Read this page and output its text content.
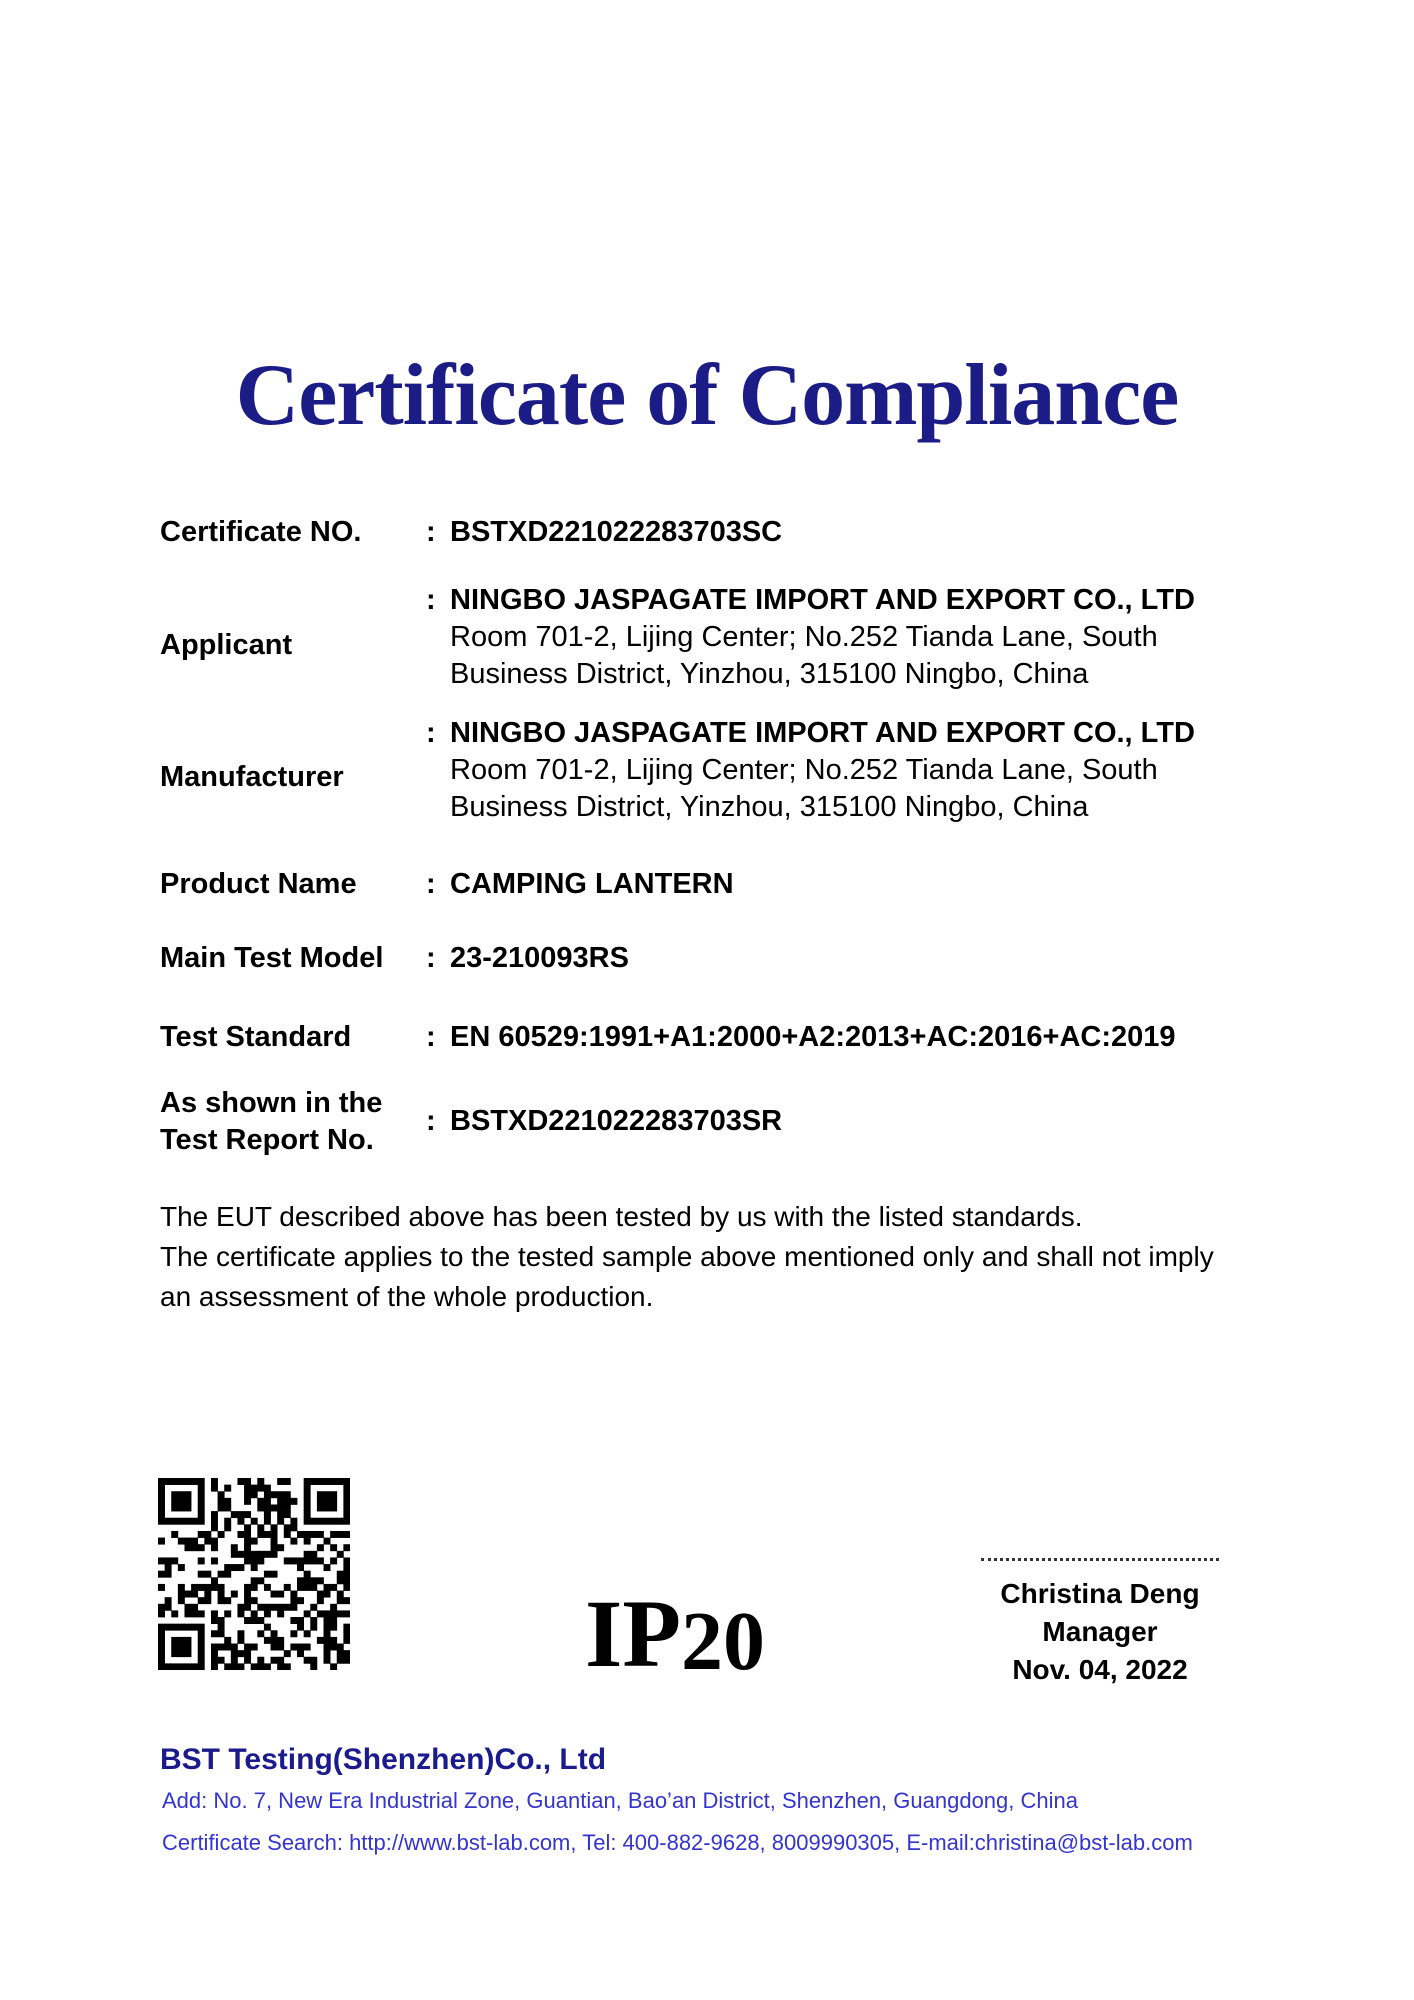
Certificate of Compliance
Certificate NO. : BSTXD221022283703SC
Applicant
: NINGBO JASPAGATE IMPORT AND EXPORT CO., LTD
Room 701-2, Lijing Center; No.252 Tianda Lane, South
Business District, Yinzhou, 315100 Ningbo, China
Manufacturer
: NINGBO JASPAGATE IMPORT AND EXPORT CO., LTD
Room 701-2, Lijing Center; No.252 Tianda Lane, South
Business District, Yinzhou, 315100 Ningbo, China
Product Name : CAMPING LANTERN
Main Test Model : 23-210093RS
Test Standard	: EN 60529:1991+A1:2000+A2:2013+AC:2016+AC:2019
As shown in the
Test Report No.
: BSTXD221022283703SR
The EUT described above has been tested by us with the listed standards.
The certificate applies to the tested sample above mentioned only and shall not imply
an assessment of the whole production.
IP 20
Christina Deng
Manager
Nov. 04, 2022
BST Testing(Shenzhen)Co., Ltd
Add: No. 7, New Era Industrial Zone, Guantian, Bao’an District, Shenzhen, Guangdong, China
Certificate Search: http://www.bst-lab.com, Tel: 400-882-9628, 8009990305, E-mail:christina@bst-lab.com
